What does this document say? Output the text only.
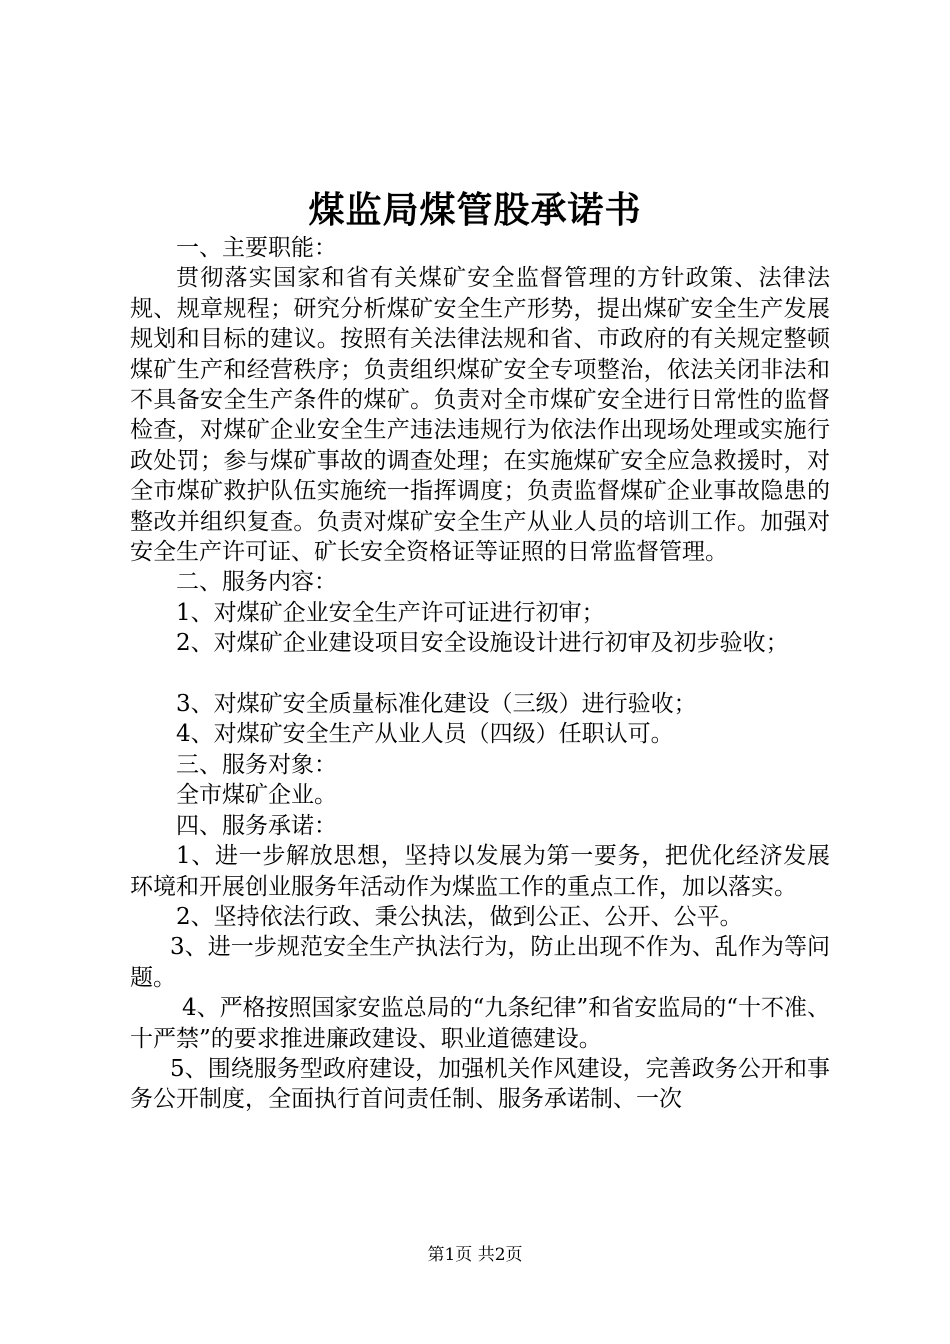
煤监局煤管股承诺书

一、主要职能：

贯彻落实国家和省有关煤矿安全监督管理的方针政策、法律法规、规章规程；研究分析煤矿安全生产形势，提出煤矿安全生产发展规划和目标的建议。按照有关法律法规和省、市政府的有关规定整顿煤矿生产和经营秩序；负责组织煤矿安全专项整治，依法关闭非法和不具备安全生产条件的煤矿。负责对全市煤矿安全进行日常性的监督检查，对煤矿企业安全生产违法违规行为依法作出现场处理或实施行政处罚；参与煤矿事故的调查处理；在实施煤矿安全应急救援时，对全市煤矿救护队伍实施统一指挥调度；负责监督煤矿企业事故隐患的整改并组织复查。负责对煤矿安全生产从业人员的培训工作。加强对安全生产许可证、矿长安全资格证等证照的日常监督管理。

二、服务内容：

1、对煤矿企业安全生产许可证进行初审；

2、对煤矿企业建设项目安全设施设计进行初审及初步验收；

3、对煤矿安全质量标准化建设（三级）进行验收；

4、对煤矿安全生产从业人员（四级）任职认可。

三、服务对象：

全市煤矿企业。

四、服务承诺：

1、进一步解放思想，坚持以发展为第一要务，把优化经济发展环境和开展创业服务年活动作为煤监工作的重点工作，加以落实。

2、坚持依法行政、秉公执法，做到公正、公开、公平。

3、进一步规范安全生产执法行为，防止出现不作为、乱作为等问题。

4、严格按照国家安监总局的“九条纪律”和省安监局的“十不准、十严禁”的要求推进廉政建设、职业道德建设。

5、围绕服务型政府建设，加强机关作风建设，完善政务公开和事务公开制度，全面执行首问责任制、服务承诺制、一次

第1页 共2页
